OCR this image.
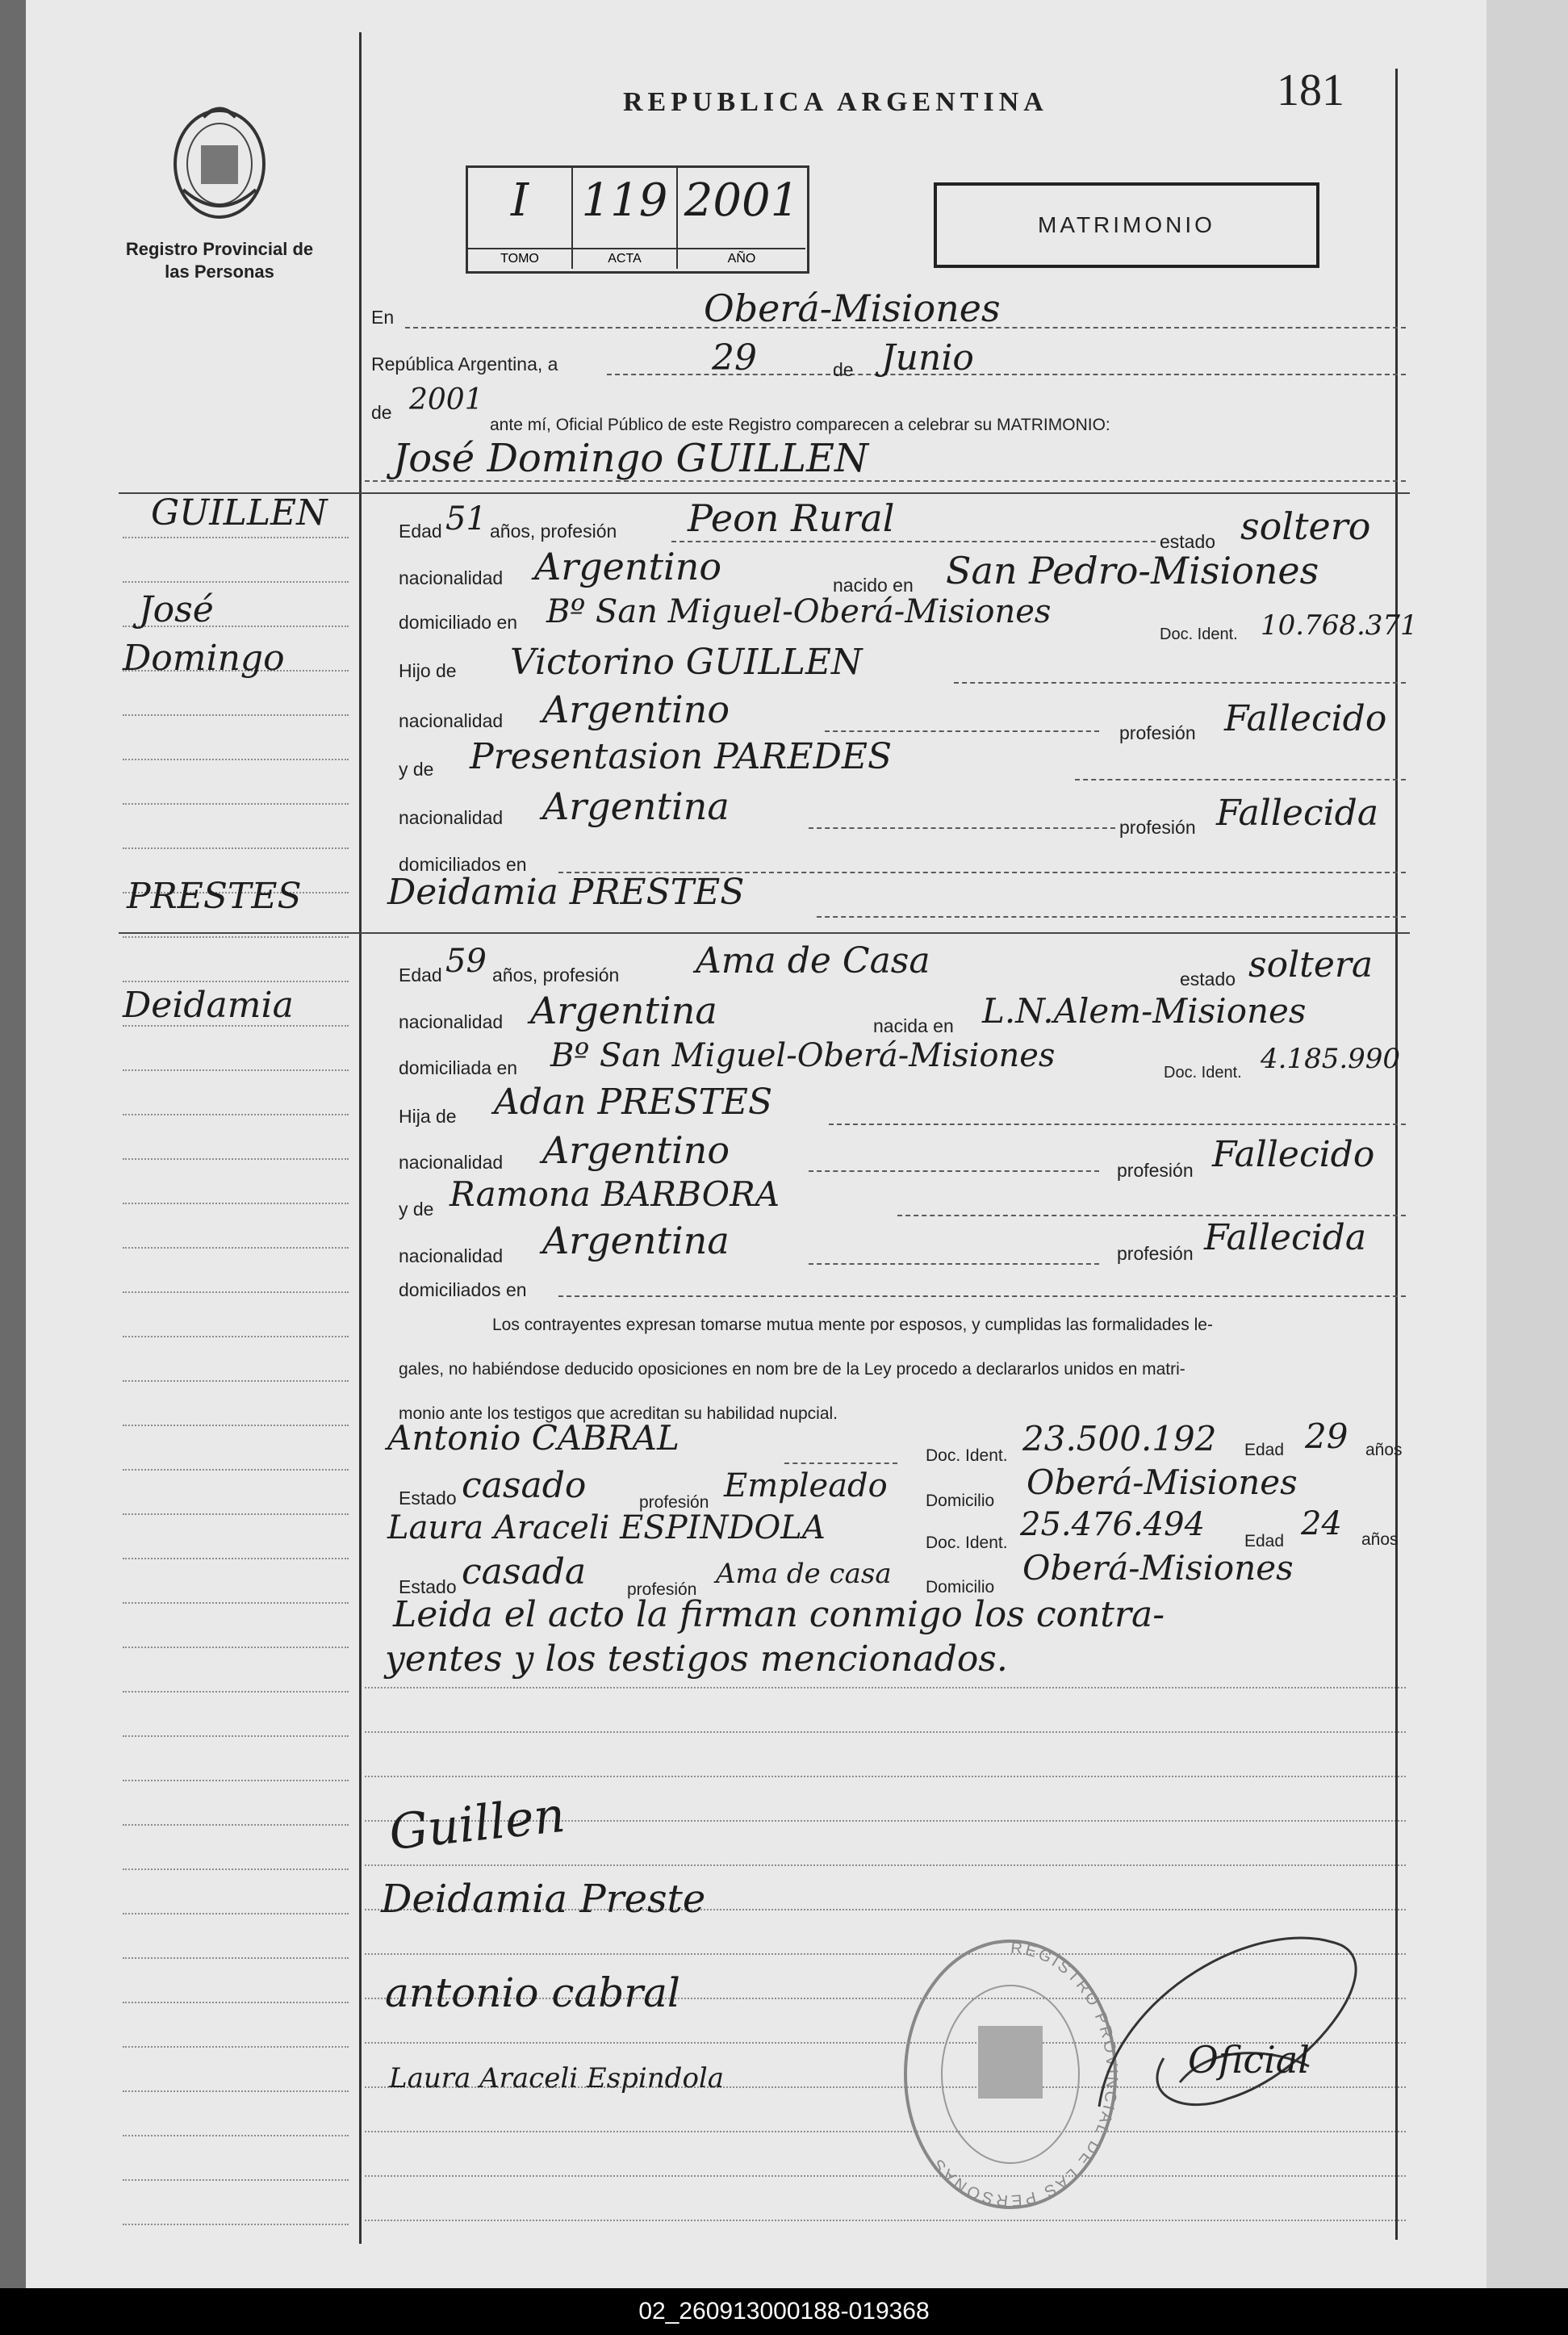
Registro Provincial de las Personas
REPUBLICA ARGENTINA	181
I
TOMO
119
ACTA
2001
AÑO
MATRIMONIO
En	Oberá-Misiones
República Argentina, a	29	de Junio
de 2001
ante mí, Oficial Público de este Registro comparecen a celebrar su MATRIMONIO:
José Domingo GUILLEN
GUILLEN
José
Domingo
PRESTES
Deidamia
Edad 51 años, profesión Peon Rural
estado soltero
nacionalidad Argentino	nacido en San Pedro-Misiones
domiciliado en Bº San Miguel-Oberá-Misiones
Doc. Ident. 10.768.371
Hijo de Victorino GUILLEN
nacionalidad Argentino
profesión Fallecido
y de Presentasion PAREDES
nacionalidad Argentina	profesión Fallecida
domiciliados en
Deidamia PRESTES
Edad 59 años, profesión Ama de Casa	estado soltera
nacionalidad Argentina	nacida en L.N.Alem-Misiones
domiciliada en Bº San Miguel-Oberá-Misiones	Doc. Ident. 4.185.990
Hija de Adan PRESTES
nacionalidad Argentino	profesión Fallecido
y de Ramona BARBORA
nacionalidad Argentina	profesión Fallecida
domiciliados en
Los contrayentes expresan tomarse mutua mente por esposos, y cumplidas las formalidades le-
gales, no habiéndose deducido oposiciones en nom bre de la Ley procedo a declararlos unidos en matri-
monio ante los testigos que acreditan su habilidad nupcial.
Antonio CABRAL	Doc. Ident. 23.500.192 Edad 29 años
Estado casado	profesión Empleado Domicilio Oberá-Misiones
Laura Araceli ESPINDOLA	Doc. Ident. 25.476.494 Edad 24 años
Estado casada profesión Ama de casa Domicilio Oberá-Misiones
Leida el acto la firman conmigo los contra-
yentes y los testigos mencionados.
Guillen
Deidamia Preste
antonio cabral
Laura Araceli Espindola
REGISTRO PROVINCIAL DE LAS PERSONAS
Oficial
02_260913000188-019368
